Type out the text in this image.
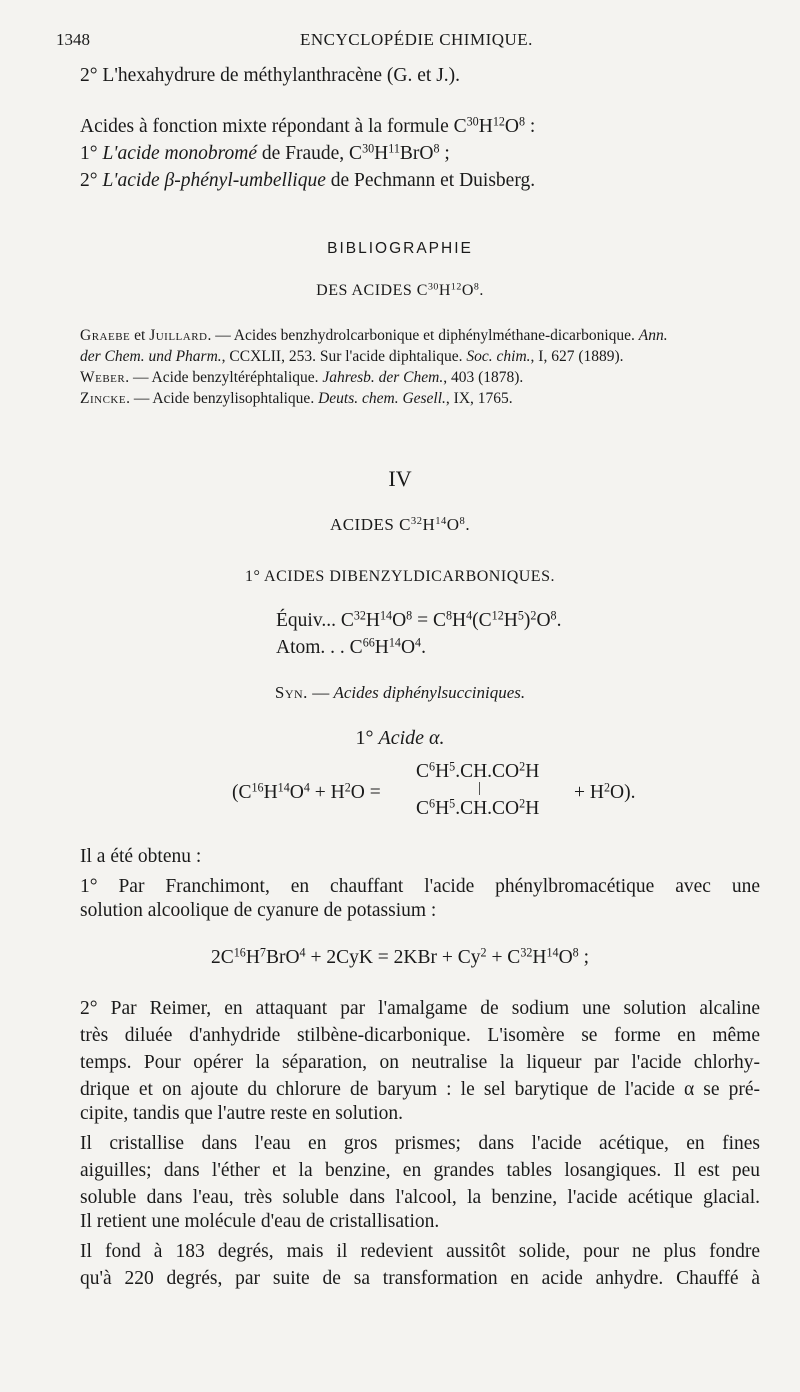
1348	ENCYCLOPÉDIE CHIMIQUE.
2° L'hexahydrure de méthylanthracène (G. et J.).
Acides à fonction mixte répondant à la formule $C^{30}H^{12}O^8$ :
1° L'acide monobromé de Fraude, $C^{30}H^{11}BrO^8$ ;
2° L'acide β-phényl-umbellique de Pechmann et Duisberg.
BIBLIOGRAPHIE
DES ACIDES $C^{30}H^{12}O^8$.
Graebe et Juillard. — Acides benzhydrolcarbonique et diphénylméthane-dicarbonique. Ann.
der Chem. und Pharm., CCXLII, 253. Sur l'acide diphtalique. Soc. chim., I, 627 (1889).
Weber. — Acide benzyltéréphtalique. Jahresb. der Chem., 403 (1878).
Zincke. — Acide benzylisophtalique. Deuts. chem. Gesell., IX, 1765.
IV
ACIDES $C^{32}H^{14}O^8$.
1° ACIDES DIBENZYLDICARBONIQUES.
Équiv... $C^{32}H^{14}O^8 = C^8H^4(C^{12}H^5)^2O^8$.
Atom. . . $C^{66}H^{14}O^4$.
Syn. — Acides diphénylsucciniques.
1° Acide α.
($C^{16}H^{14}O^4 + H^2O$ =
$C^6H^5.CH.CO^2H$
|
$C^6H^5.CH.CO^2H$
+ $H^2O$).
Il a été obtenu :
1° Par Franchimont, en chauffant l'acide phénylbromacétique avec une
solution alcoolique de cyanure de potassium :
$2C^{16}H^7BrO^4 + 2CyK = 2KBr + Cy^2 + C^{32}H^{14}O^8$ ;
2° Par Reimer, en attaquant par l'amalgame de sodium une solution alcaline
très diluée d'anhydride stilbène-dicarbonique. L'isomère se forme en même
temps. Pour opérer la séparation, on neutralise la liqueur par l'acide chlorhy-
drique et on ajoute du chlorure de baryum : le sel barytique de l'acide α se pré-
cipite, tandis que l'autre reste en solution.
Il cristallise dans l'eau en gros prismes; dans l'acide acétique, en fines
aiguilles; dans l'éther et la benzine, en grandes tables losangiques. Il est peu
soluble dans l'eau, très soluble dans l'alcool, la benzine, l'acide acétique glacial.
Il retient une molécule d'eau de cristallisation.
Il fond à 183 degrés, mais il redevient aussitôt solide, pour ne plus fondre
qu'à 220 degrés, par suite de sa transformation en acide anhydre. Chauffé à
